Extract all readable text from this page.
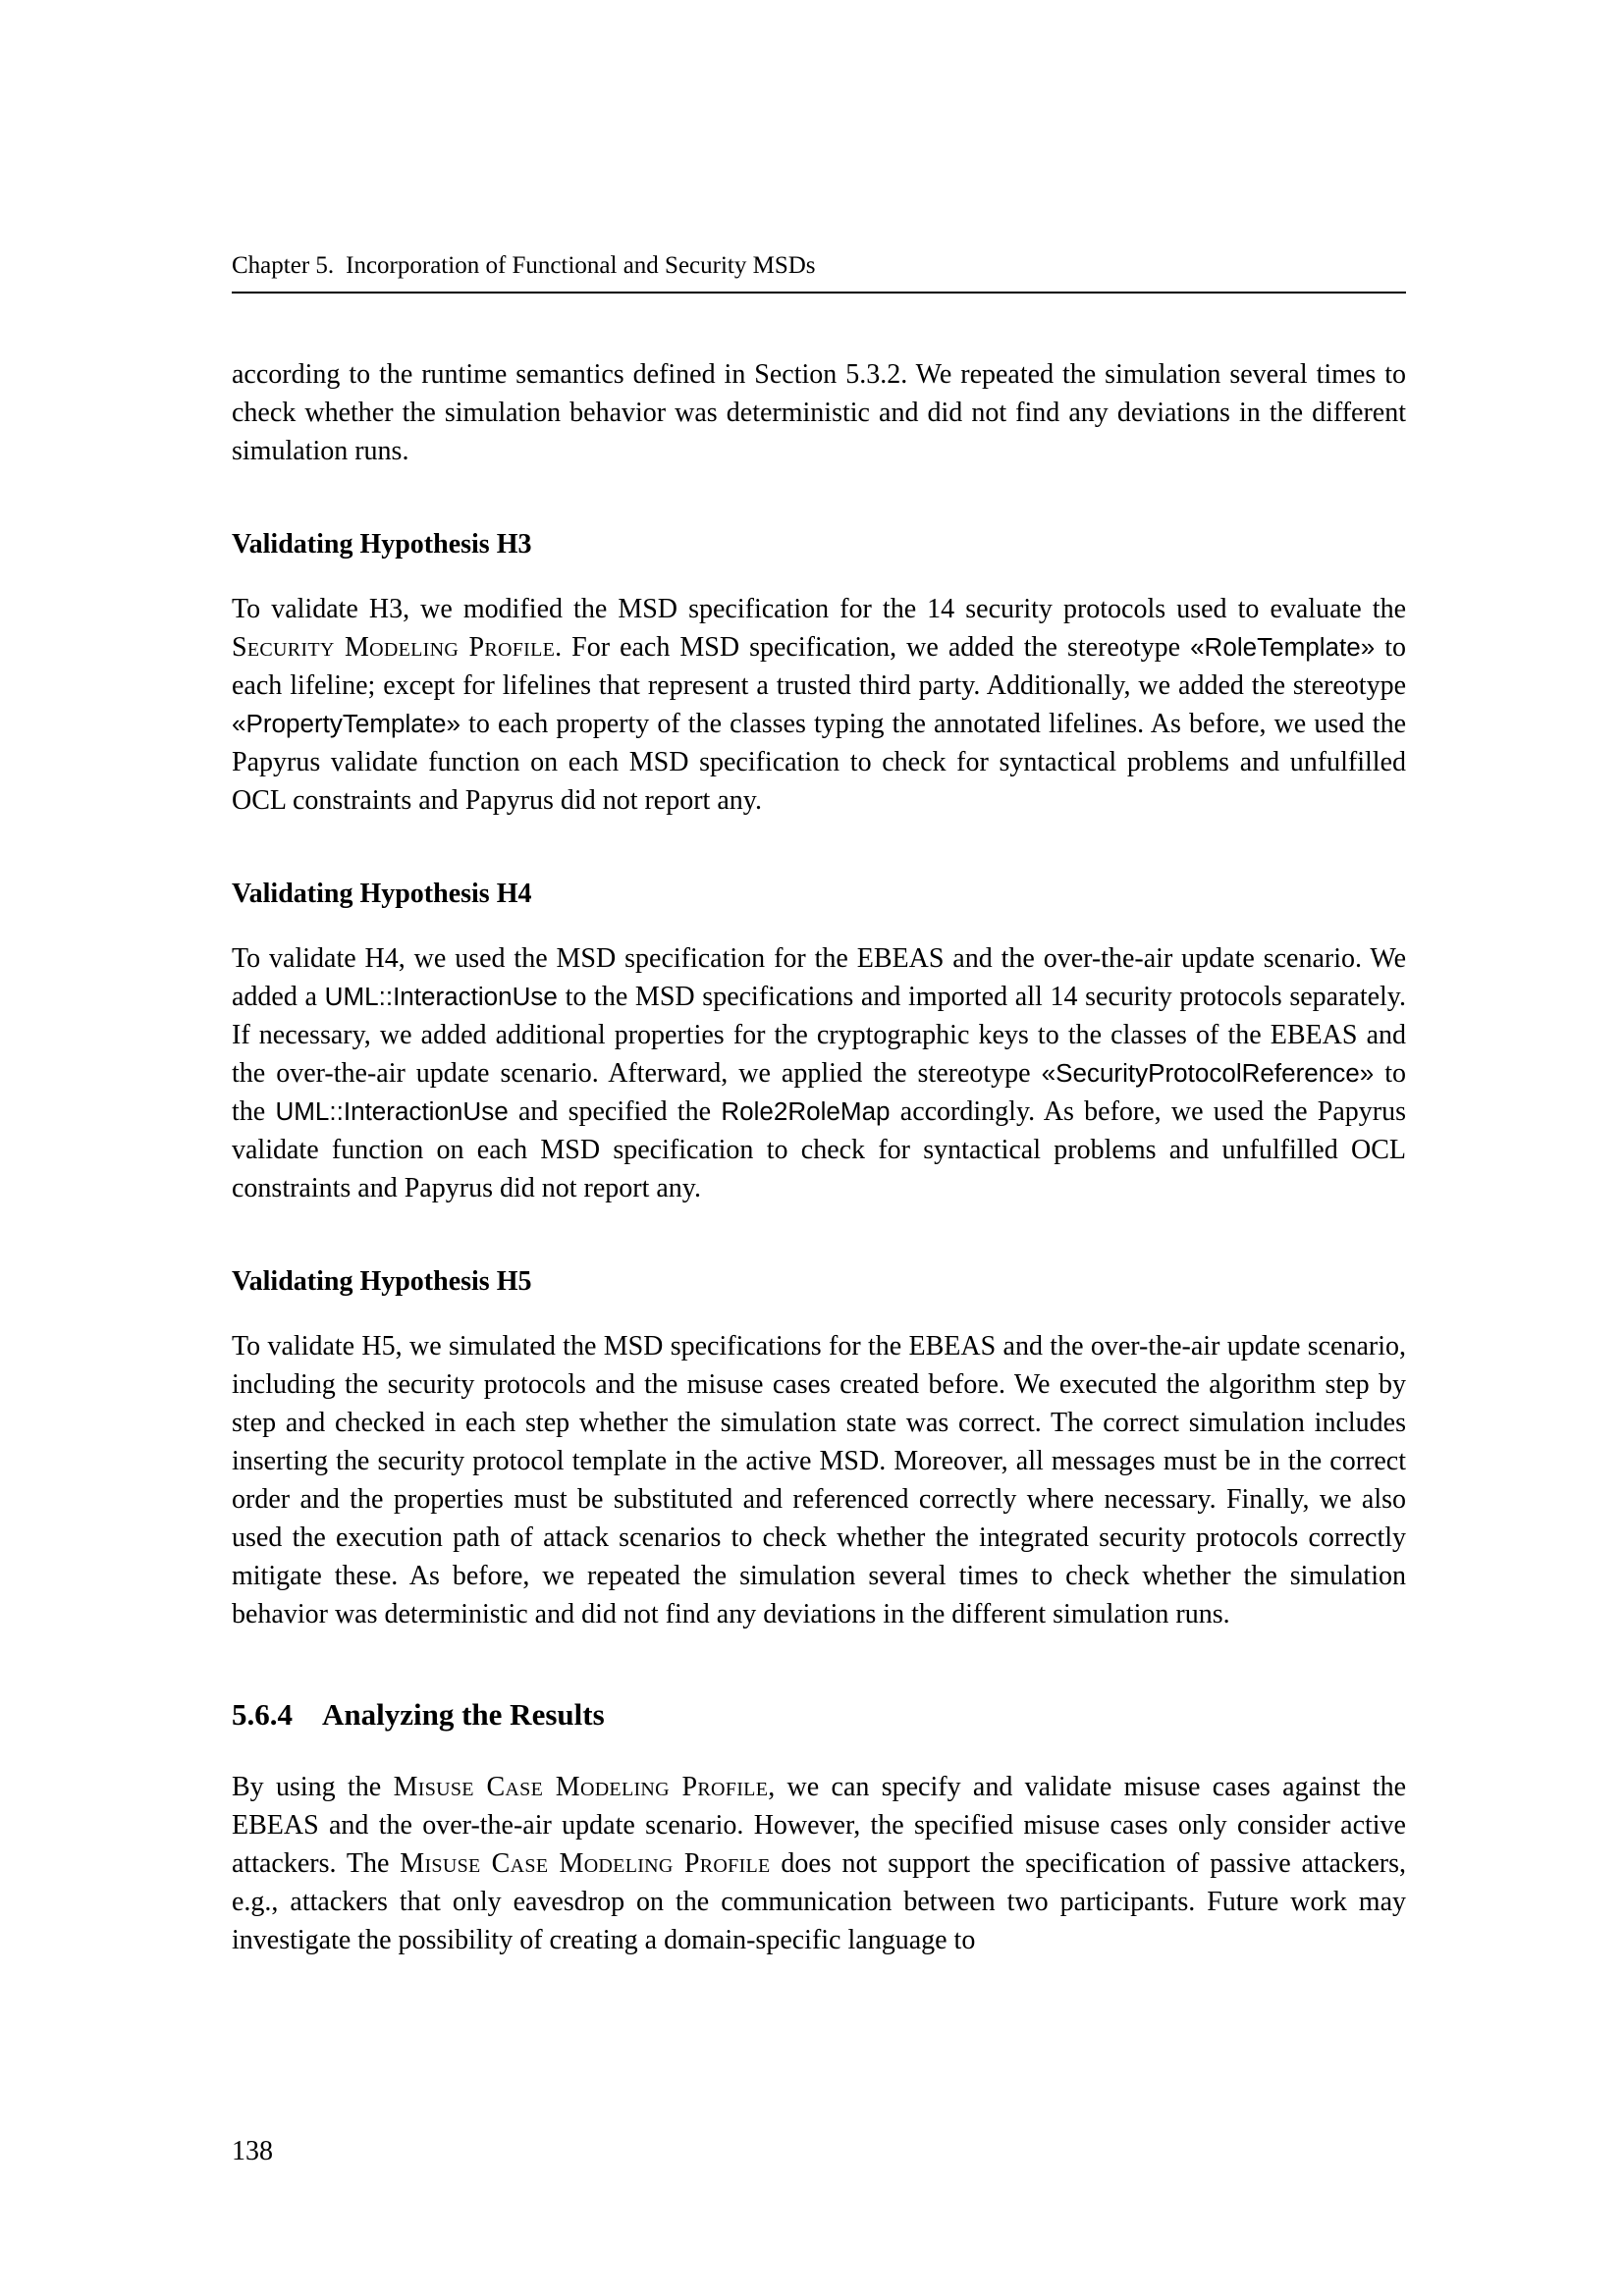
Chapter 5. Incorporation of Functional and Security MSDs

according to the runtime semantics defined in Section 5.3.2. We repeated the simulation several times to check whether the simulation behavior was deterministic and did not find any deviations in the different simulation runs.

Validating Hypothesis H3

To validate H3, we modified the MSD specification for the 14 security protocols used to evaluate the Security Modeling Profile. For each MSD specification, we added the stereotype «RoleTemplate» to each lifeline; except for lifelines that represent a trusted third party. Additionally, we added the stereotype «PropertyTemplate» to each property of the classes typing the annotated lifelines. As before, we used the Papyrus validate function on each MSD specification to check for syntactical problems and unfulfilled OCL constraints and Papyrus did not report any.

Validating Hypothesis H4

To validate H4, we used the MSD specification for the EBEAS and the over-the-air update scenario. We added a UML::InteractionUse to the MSD specifications and imported all 14 security protocols separately. If necessary, we added additional properties for the cryptographic keys to the classes of the EBEAS and the over-the-air update scenario. Afterward, we applied the stereotype «SecurityProtocolReference» to the UML::InteractionUse and specified the Role2RoleMap accordingly. As before, we used the Papyrus validate function on each MSD specification to check for syntactical problems and unfulfilled OCL constraints and Papyrus did not report any.

Validating Hypothesis H5

To validate H5, we simulated the MSD specifications for the EBEAS and the over-the-air update scenario, including the security protocols and the misuse cases created before. We executed the algorithm step by step and checked in each step whether the simulation state was correct. The correct simulation includes inserting the security protocol template in the active MSD. Moreover, all messages must be in the correct order and the properties must be substituted and referenced correctly where necessary. Finally, we also used the execution path of attack scenarios to check whether the integrated security protocols correctly mitigate these. As before, we repeated the simulation several times to check whether the simulation behavior was deterministic and did not find any deviations in the different simulation runs.

5.6.4 Analyzing the Results

By using the Misuse Case Modeling Profile, we can specify and validate misuse cases against the EBEAS and the over-the-air update scenario. However, the specified misuse cases only consider active attackers. The Misuse Case Modeling Profile does not support the specification of passive attackers, e.g., attackers that only eavesdrop on the communication between two participants. Future work may investigate the possibility of creating a domain-specific language to

138
